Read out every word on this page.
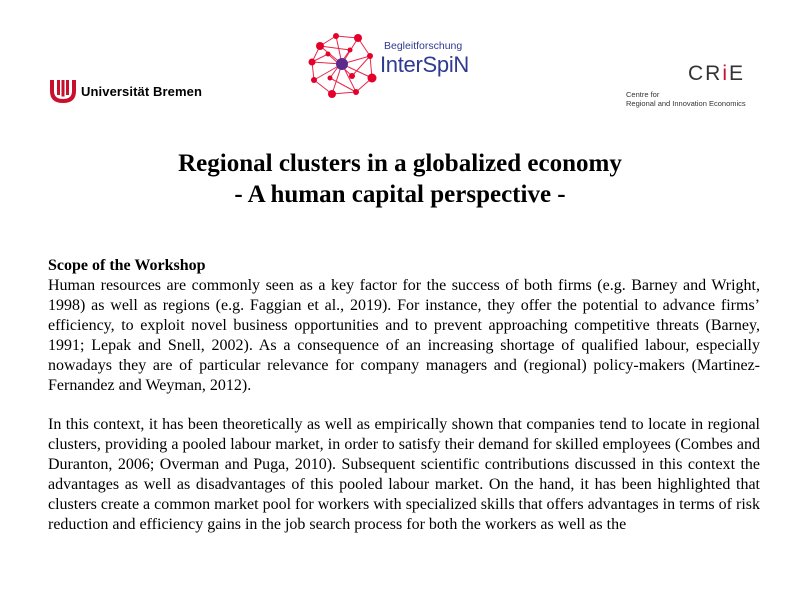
Universität Bremen
Begleitforschung
InterSpiN	CRiE
Centre for
Regional and Innovation Economics
Regional clusters in a globalized economy
- A human capital perspective -
Scope of the Workshop

Human resources are commonly seen as a key factor for the success of both firms (e.g. Barney and Wright, 1998) as well as regions (e.g. Faggian et al., 2019). For instance, they offer the potential to advance firms’ efficiency, to exploit novel business opportunities and to prevent approaching competitive threats (Barney, 1991; Lepak and Snell, 2002). As a consequence of an increasing shortage of qualified labour, especially nowadays they are of particular relevance for company managers and (regional) policy-makers (Martinez-Fernandez and Weyman, 2012).

In this context, it has been theoretically as well as empirically shown that companies tend to locate in regional clusters, providing a pooled labour market, in order to satisfy their demand for skilled employees (Combes and Duranton, 2006; Overman and Puga, 2010). Subsequent scientific contributions discussed in this context the advantages as well as disadvantages of this pooled labour market. On the hand, it has been highlighted that clusters create a common market pool for workers with specialized skills that offers advantages in terms of risk reduction and efficiency gains in the job search process for both the workers as well as the
